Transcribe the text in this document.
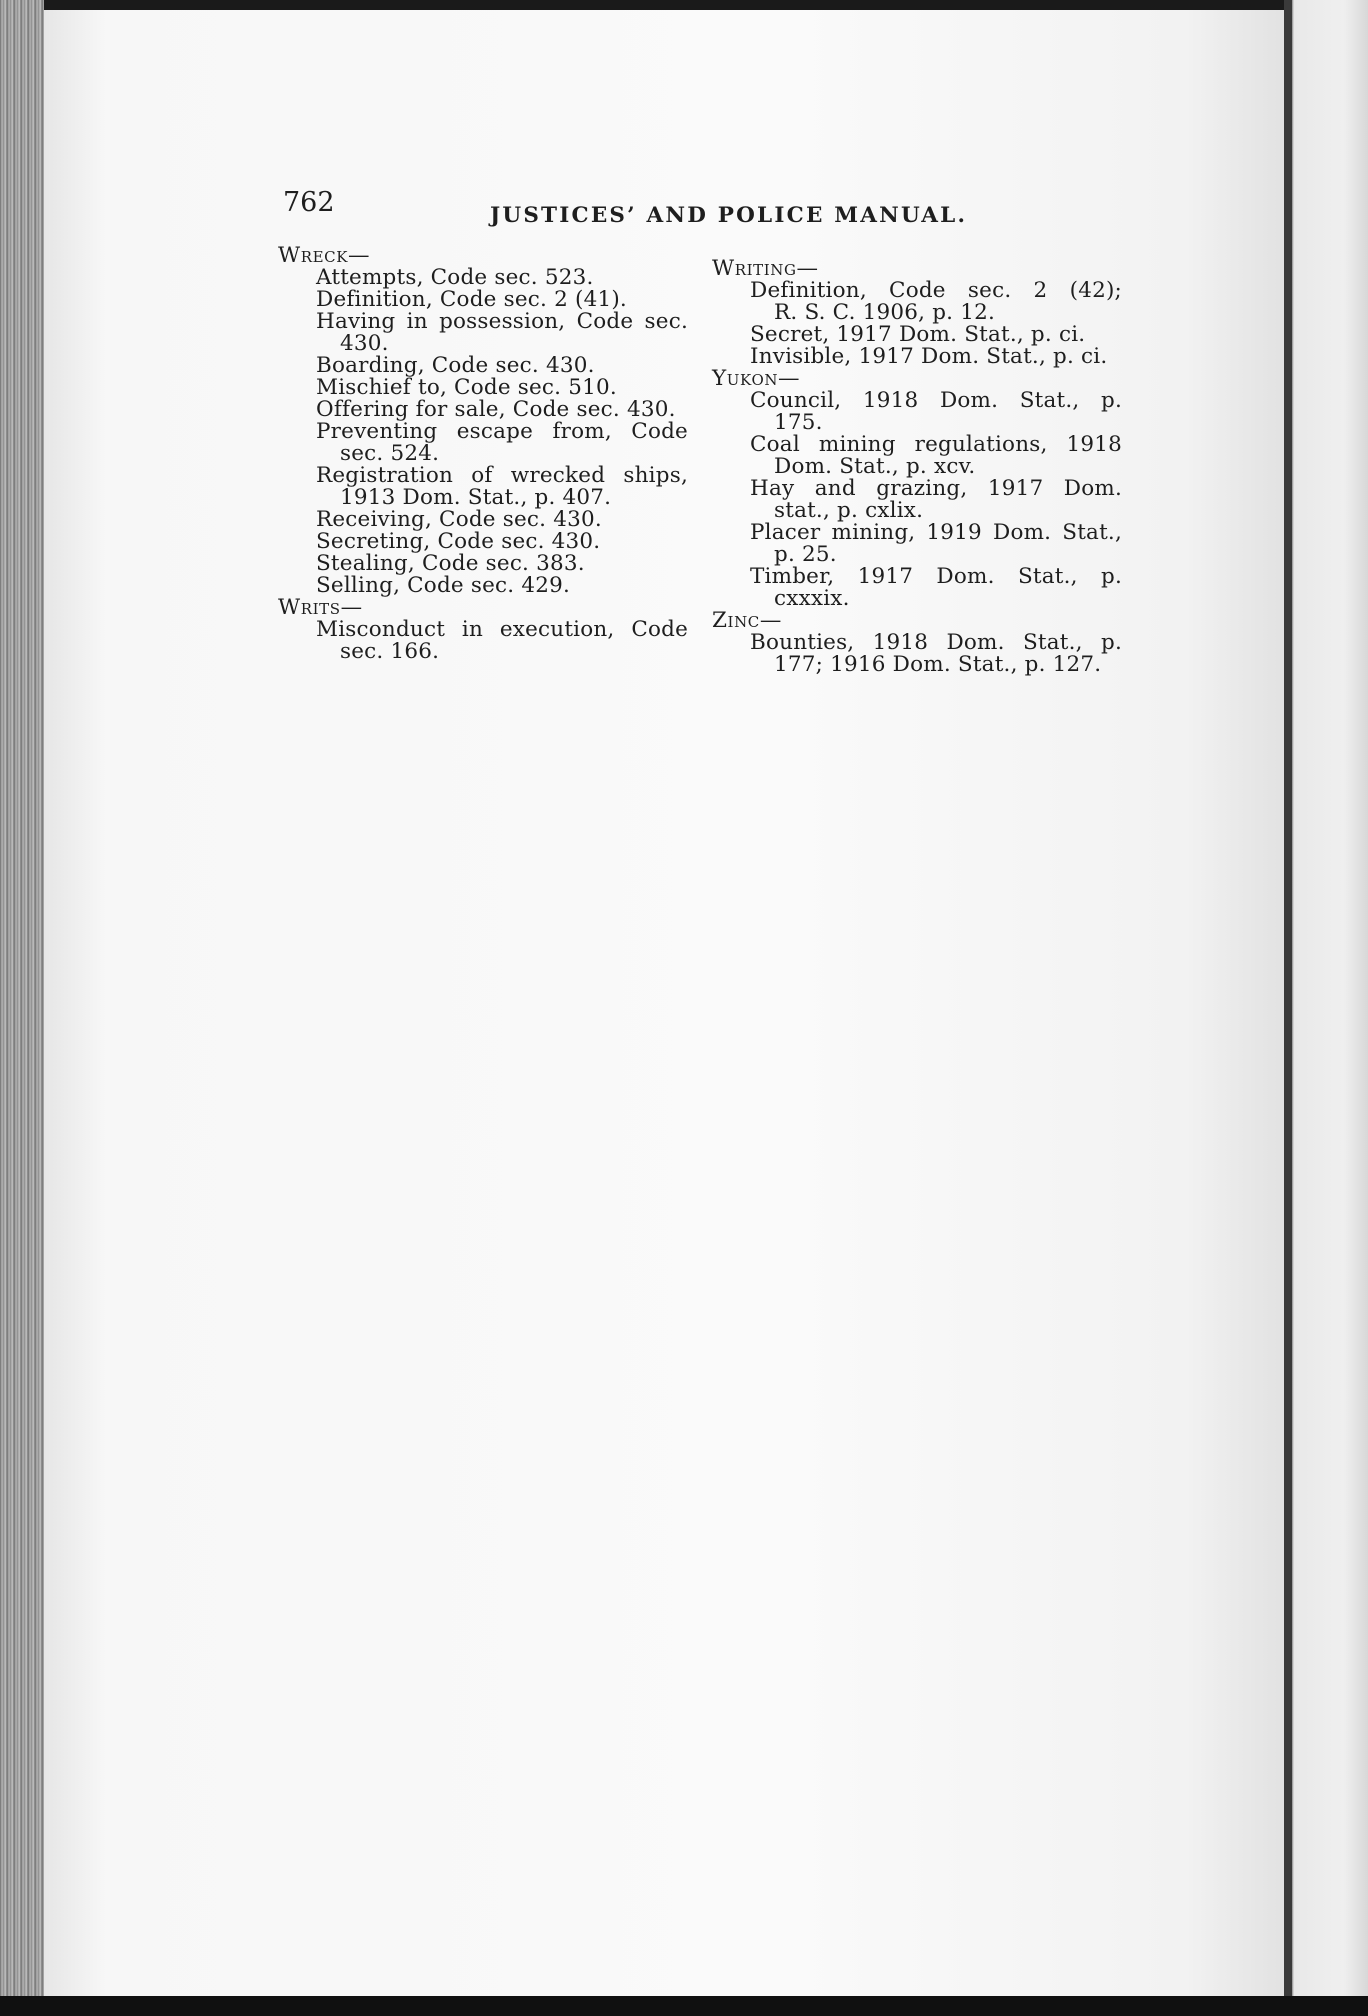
762	JUSTICES’ AND POLICE MANUAL.
Wreck—
Attempts, Code sec. 523.
Definition, Code sec. 2 (41).
Having in possession, Code sec.
430.
Boarding, Code sec. 430.
Mischief to, Code sec. 510.
Offering for sale, Code sec. 430.
Preventing escape from, Code
sec. 524.
Registration of wrecked ships,
1913 Dom. Stat., p. 407.
Receiving, Code sec. 430.
Secreting, Code sec. 430.
Stealing, Code sec. 383.
Selling, Code sec. 429.
Writs—
Misconduct in execution, Code
sec. 166.
Writing—
Definition, Code sec. 2 (42);
R. S. C. 1906, p. 12.
Secret, 1917 Dom. Stat., p. ci.
Invisible, 1917 Dom. Stat., p. ci.
Yukon—
Council, 1918 Dom. Stat., p.
175.
Coal mining regulations, 1918
Dom. Stat., p. xcv.
Hay and grazing, 1917 Dom.
stat., p. cxlix.
Placer mining, 1919 Dom. Stat.,
p. 25.
Timber, 1917 Dom. Stat., p.
cxxxix.
Zinc—
Bounties, 1918 Dom. Stat., p.
177; 1916 Dom. Stat., p. 127.
